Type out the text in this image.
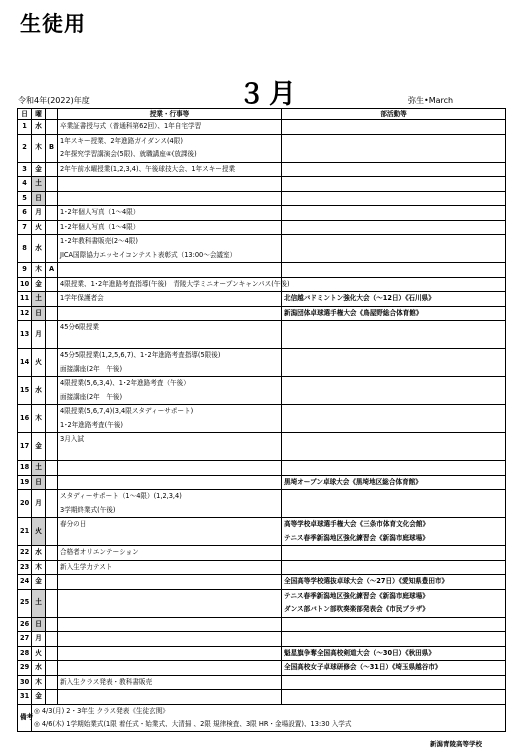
生徒用
令和4年(2022)年度	３月	弥生•March
日	曜		授業・行事等	部活動等
1	水		卒業証書授与式（普通科第62回）、1年自宅学習	

2	木	B	1年スキー授業、2年進路ガイダンス(4限)
2年探究学習講演会(5限)、就職講座④(放課後)	

3	金		2年午前水曜授業(1,2,3,4)、午後球技大会、1年スキー授業	

4	土		

5	日		

6	月		1･2年個人写真（1～4限）	

7	火		1･2年個人写真（1～4限）	

8	水		1･2年教科書販売(2～4限)
JICA国際協力エッセイコンテスト表彰式（13:00～会議室）	

9	木	A	

10	金		4限授業、1･2年進路考査指導(午後)　青陵大学ミニオープンキャンパス(午後)	

11	土		1学年保護者会	北信越バドミントン強化大会（～12日）《石川県》

12	日			新潟団体卓球選手権大会《鳥屋野総合体育館》

13	月		45分6限授業	

14	火		45分5限授業(1,2,5,6,7)、1･2年進路考査指導(5限後)
面接講座(2年　午後)	

15	水		4限授業(5,6,3,4)、1･2年進路考査（午後）
面接講座(2年　午後)	

16	木		4限授業(5,6,7,4)(3,4限スタディーサポート)
1･2年進路考査(午後)	

17	金		3月入試	

18	土		

19	日			黒埼オープン卓球大会《黒埼地区総合体育館》

20	月		スタディーサポート（1～4限）(1,2,3,4)
3学期終業式(午後)	

21	火		春分の日	高等学校卓球選手権大会《三条市体育文化会館》
テニス春季新潟地区強化練習会《新潟市庭球場》

22	水		合格者オリエンテーション	

23	木		新入生学力テスト	

24	金			全国高等学校選抜卓球大会（～27日）《愛知県豊田市》

25	土			テニス春季新潟地区強化練習会《新潟市庭球場》
ダンス部バトン部吹奏楽部発表会《市民プラザ》

26	日		

27	月		

28	火			魁星旗争奪全国高校剣道大会（～30日）《秋田県》

29	水			全国高校女子卓球研修会（～31日）《埼玉県越谷市》

30	木		新入生クラス発表・教科書販売	

31	金		

備考	◎ 4/3(月) 2・3年生 クラス発表《生徒玄関》
◎ 4/6(木) 1学期始業式(1限 着任式・始業式、大清掃 、2限 規律検査、3限 HR・金場設置)、13:30 入学式			
新潟青陵高等学校
